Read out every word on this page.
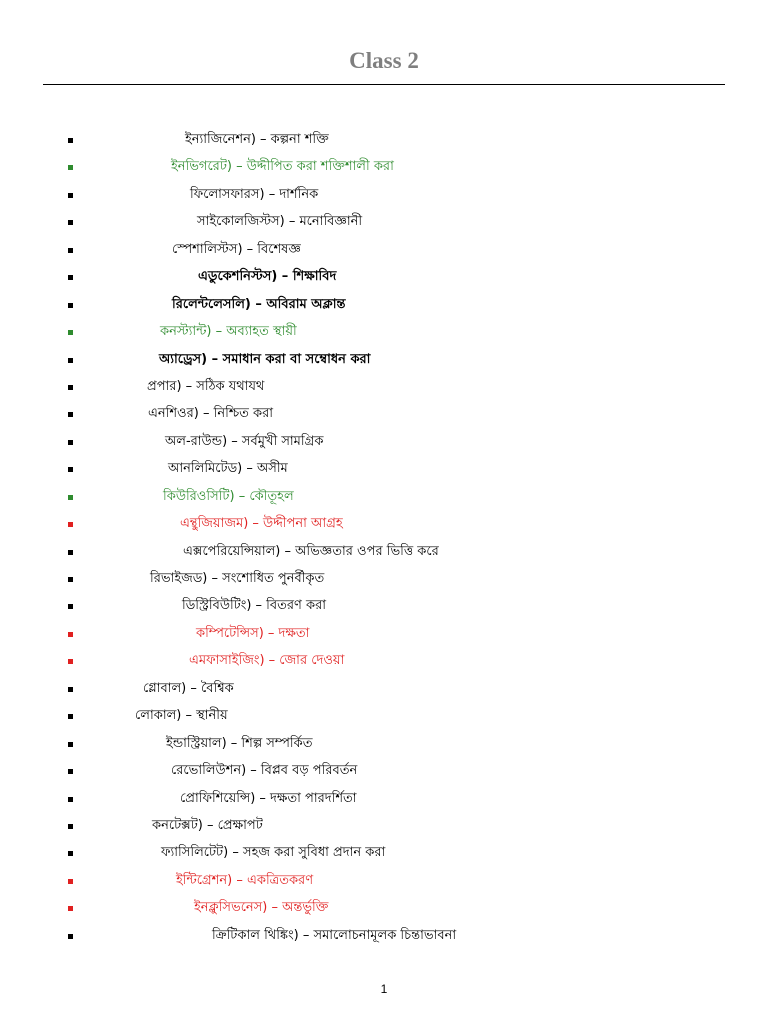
Class 2
ইন্যাজিনেশন) – কল্পনা শক্তি
ইনভিগরেট) – উদ্দীপিত করা শক্তিশালী করা
ফিলোসফারস) – দার্শনিক
সাইকোলজিস্টস) – মনোবিজ্ঞানী
স্পেশালিস্টস) – বিশেষজ্ঞ
এডুকেশনিস্টস) – শিক্ষাবিদ
রিলেন্টলেসলি) – অবিরাম অক্লান্ত
কনস্ট্যান্ট) – অব্যাহত স্থায়ী
অ্যাড্রেস) – সমাধান করা বা সম্বোধন করা
প্রপার) – সঠিক যথাযথ
এনশিওর) – নিশ্চিত করা
অল-রাউন্ড) – সর্বমুখী সামগ্রিক
আনলিমিটেড) – অসীম
কিউরিওসিটি) – কৌতূহল
এন্থুজিয়াজম) – উদ্দীপনা আগ্রহ
এক্সপেরিয়েন্সিয়াল) – অভিজ্ঞতার ওপর ভিত্তি করে
রিভাইজড) – সংশোধিত পুনর্বীকৃত
ডিস্ট্রিবিউটিং) – বিতরণ করা
কম্পিটেন্সিস) – দক্ষতা
এমফাসাইজিং) – জোর দেওয়া
গ্লোবাল) – বৈশ্বিক
লোকাল) – স্থানীয়
ইন্ডাস্ট্রিয়াল) – শিল্প সম্পর্কিত
রেভোলিউশন) – বিপ্লব বড় পরিবর্তন
প্রোফিশিয়েন্সি) – দক্ষতা পারদর্শিতা
কনটেক্সট) – প্রেক্ষাপট
ফ্যাসিলিটেট) – সহজ করা সুবিধা প্রদান করা
ইন্টিগ্রেশন) – একত্রিতকরণ
ইনক্লুসিভনেস) – অন্তর্ভুক্তি
ক্রিটিকাল থিঙ্কিং) – সমালোচনামূলক চিন্তাভাবনা
1
